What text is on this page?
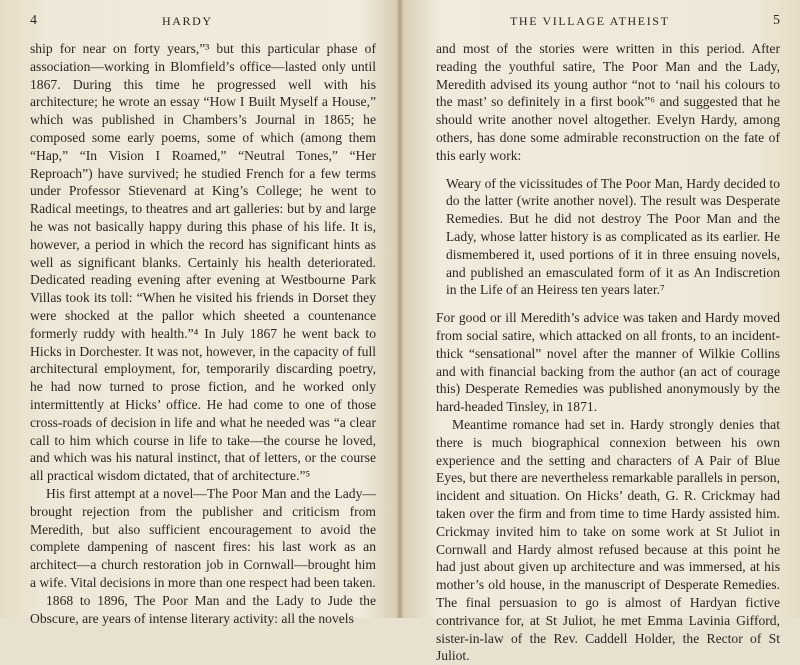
4	HARDY

ship for near on forty years,”³ but this particular phase of association—working in Blomfield’s office—lasted only until 1867. During this time he progressed well with his architecture; he wrote an essay “How I Built Myself a House,” which was published in Chambers’s Journal in 1865; he composed some early poems, some of which (among them “Hap,” “In Vision I Roamed,” “Neutral Tones,” “Her Reproach”) have survived; he studied French for a few terms under Professor Stievenard at King’s College; he went to Radical meetings, to theatres and art galleries: but by and large he was not basically happy during this phase of his life. It is, however, a period in which the record has significant hints as well as significant blanks. Certainly his health deteriorated. Dedicated reading evening after evening at Westbourne Park Villas took its toll: “When he visited his friends in Dorset they were shocked at the pallor which sheeted a countenance formerly ruddy with health.”⁴ In July 1867 he went back to Hicks in Dorchester. It was not, however, in the capacity of full architectural employment, for, temporarily discarding poetry, he had now turned to prose fiction, and he worked only intermittently at Hicks’ office. He had come to one of those cross-roads of decision in life and what he needed was “a clear call to him which course in life to take—the course he loved, and which was his natural instinct, that of letters, or the course all practical wisdom dictated, that of architecture.”⁵

His first attempt at a novel—The Poor Man and the Lady—brought rejection from the publisher and criticism from Meredith, but also sufficient encouragement to avoid the complete dampening of nascent fires: his last work as an architect—a church restoration job in Cornwall—brought him a wife. Vital decisions in more than one respect had been taken.

1868 to 1896, The Poor Man and the Lady to Jude the Obscure, are years of intense literary activity: all the novels

THE VILLAGE ATHEIST	5

and most of the stories were written in this period. After reading the youthful satire, The Poor Man and the Lady, Meredith advised its young author “not to ‘nail his colours to the mast’ so definitely in a first book”⁶ and suggested that he should write another novel altogether. Evelyn Hardy, among others, has done some admirable reconstruction on the fate of this early work:

Weary of the vicissitudes of The Poor Man, Hardy decided to do the latter (write another novel). The result was Desperate Remedies. But he did not destroy The Poor Man and the Lady, whose latter history is as complicated as its earlier. He dismembered it, used portions of it in three ensuing novels, and published an emasculated form of it as An Indiscretion in the Life of an Heiress ten years later.⁷

For good or ill Meredith’s advice was taken and Hardy moved from social satire, which attacked on all fronts, to an incident-thick “sensational” novel after the manner of Wilkie Collins and with financial backing from the author (an act of courage this) Desperate Remedies was published anonymously by the hard-headed Tinsley, in 1871.

Meantime romance had set in. Hardy strongly denies that there is much biographical connexion between his own experience and the setting and characters of A Pair of Blue Eyes, but there are nevertheless remarkable parallels in person, incident and situation. On Hicks’ death, G. R. Crickmay had taken over the firm and from time to time Hardy assisted him. Crickmay invited him to take on some work at St Juliot in Cornwall and Hardy almost refused because at this point he had just about given up architecture and was immersed, at his mother’s old house, in the manuscript of Desperate Remedies. The final persuasion to go is almost of Hardyan fictive contrivance for, at St Juliot, he met Emma Lavinia Gifford, sister-in-law of the Rev. Caddell Holder, the Rector of St Juliot.
